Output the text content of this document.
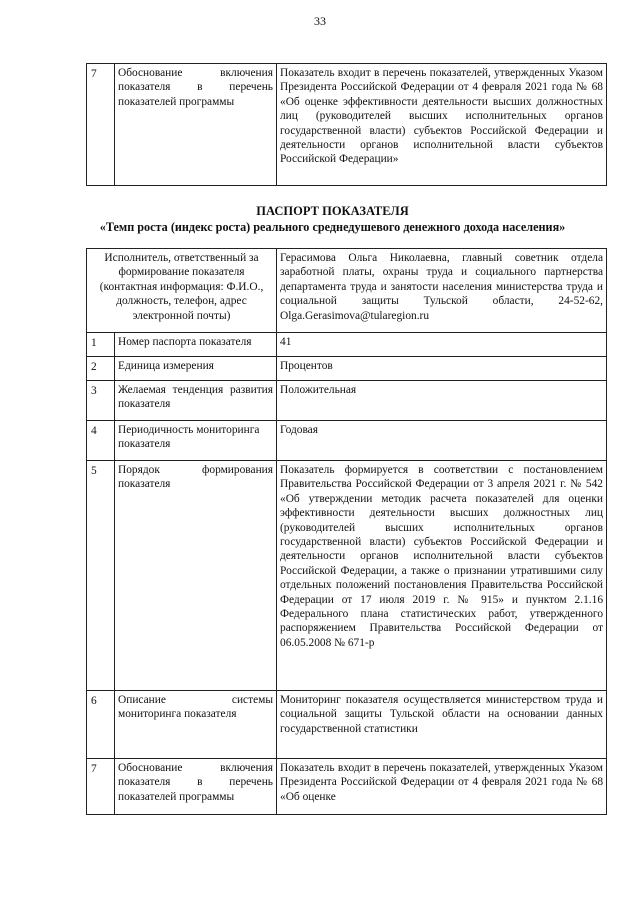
33
7	Обоснование включения показателя в перечень показателей программы	Показатель входит в перечень показателей, утвержденных Указом Президента Российской Федерации от 4 февраля 2021 года № 68 «Об оценке эффективности деятельности высших должностных лиц (руководителей высших исполнительных органов государственной власти) субъектов Российской Федерации и деятельности органов исполнительной власти субъектов Российской Федерации»
ПАСПОРТ ПОКАЗАТЕЛЯ
«Темп роста (индекс роста) реального среднедушевого денежного дохода населения»
Исполнитель, ответственный за формирование показателя (контактная информация: Ф.И.О., должность, телефон, адрес электронной почты)		Герасимова Ольга Николаевна, главный советник отдела заработной платы, охраны труда и социального партнерства департамента труда и занятости населения министерства труда и социальной защиты Тульской области, 24-52-62, Olga.Gerasimova@tularegion.ru
1	Номер паспорта показателя	41
2	Единица измерения	Процентов
3	Желаемая тенденция развития показателя	Положительная
4	Периодичность мониторинга показателя	Годовая
5	Порядок формирования показателя	Показатель формируется в соответствии с постановлением Правительства Российской Федерации от 3 апреля 2021 г. № 542 «Об утверждении методик расчета показателей для оценки эффективности деятельности высших должностных лиц (руководителей высших исполнительных органов государственной власти) субъектов Российской Федерации и деятельности органов исполнительной власти субъектов Российской Федерации, а также о признании утратившими силу отдельных положений постановления Правительства Российской Федерации от 17 июля 2019 г. № 915» и пунктом 2.1.16 Федерального плана статистических работ, утвержденного распоряжением Правительства Российской Федерации от 06.05.2008 № 671-р
6	Описание системы мониторинга показателя	Мониторинг показателя осуществляется министерством труда и социальной защиты Тульской области на основании данных государственной статистики
7	Обоснование включения показателя в перечень показателей программы	Показатель входит в перечень показателей, утвержденных Указом Президента Российской Федерации от 4 февраля 2021 года № 68 «Об оценке
